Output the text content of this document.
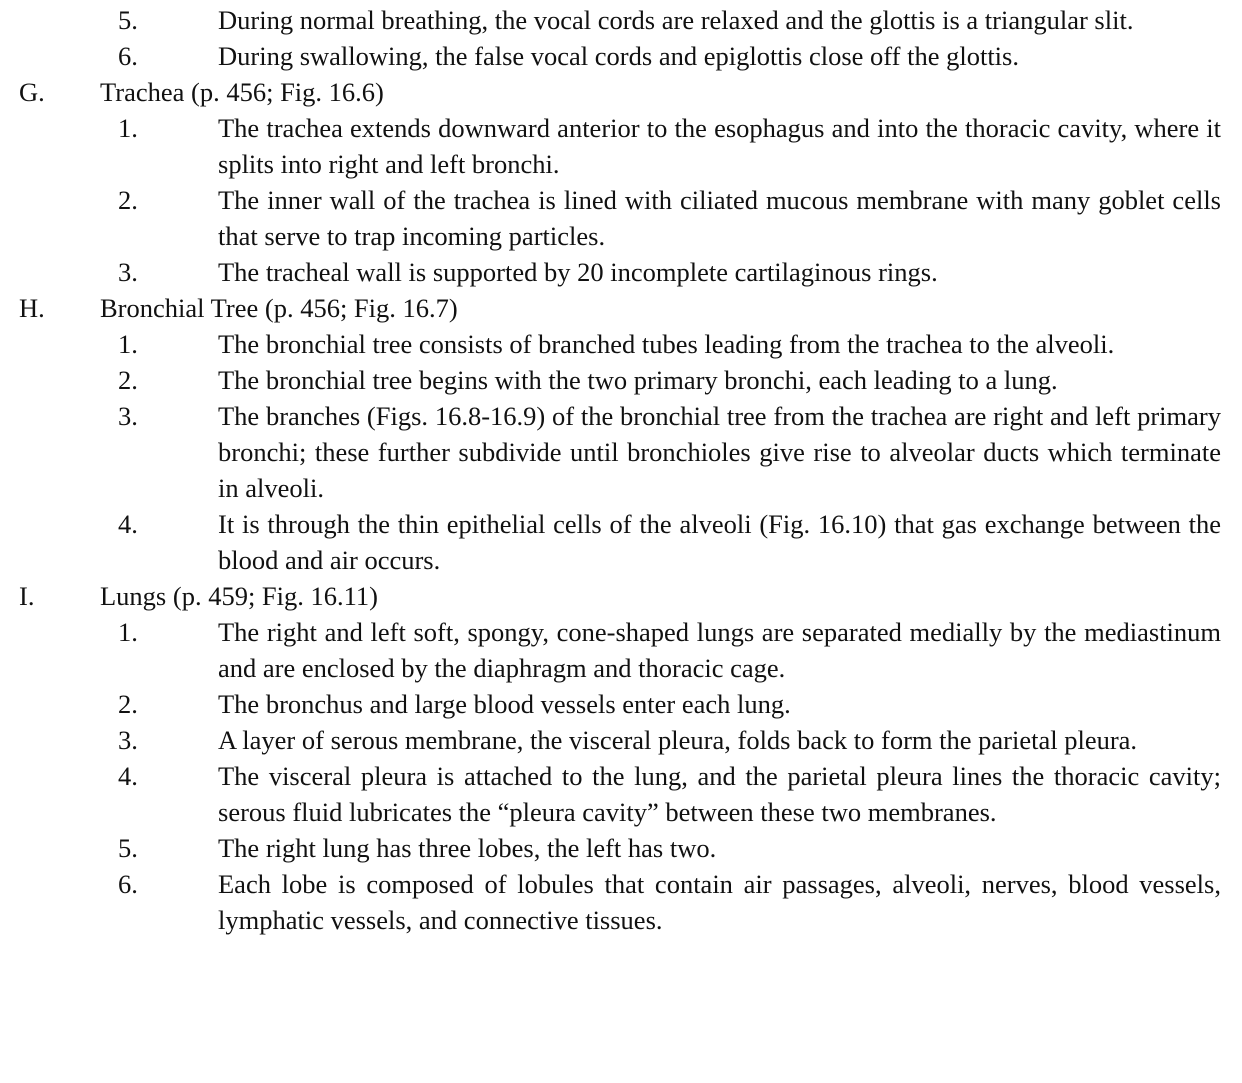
5.	During normal breathing, the vocal cords are relaxed and the glottis is a triangular slit.
6.	During swallowing, the false vocal cords and epiglottis close off the glottis.
G.	Trachea (p. 456; Fig. 16.6)
1.	The trachea extends downward anterior to the esophagus and into the thoracic cavity, where it splits into right and left bronchi.
2.	The inner wall of the trachea is lined with ciliated mucous membrane with many goblet cells that serve to trap incoming particles.
3.	The tracheal wall is supported by 20 incomplete cartilaginous rings.
H.	Bronchial Tree (p. 456; Fig. 16.7)
1.	The bronchial tree consists of branched tubes leading from the trachea to the alveoli.
2.	The bronchial tree begins with the two primary bronchi, each leading to a lung.
3.	The branches (Figs. 16.8-16.9) of the bronchial tree from the trachea are right and left primary bronchi; these further subdivide until bronchioles give rise to alveolar ducts which terminate in alveoli.
4.	It is through the thin epithelial cells of the alveoli (Fig. 16.10) that gas exchange between the blood and air occurs.
I.	Lungs (p. 459; Fig. 16.11)
1.	The right and left soft, spongy, cone-shaped lungs are separated medially by the mediastinum and are enclosed by the diaphragm and thoracic cage.
2.	The bronchus and large blood vessels enter each lung.
3.	A layer of serous membrane, the visceral pleura, folds back to form the parietal pleura.
4.	The visceral pleura is attached to the lung, and the parietal pleura lines the thoracic cavity; serous fluid lubricates the “pleura cavity” between these two membranes.
5.	The right lung has three lobes, the left has two.
6.	Each lobe is composed of lobules that contain air passages, alveoli, nerves, blood vessels, lymphatic vessels, and connective tissues.
